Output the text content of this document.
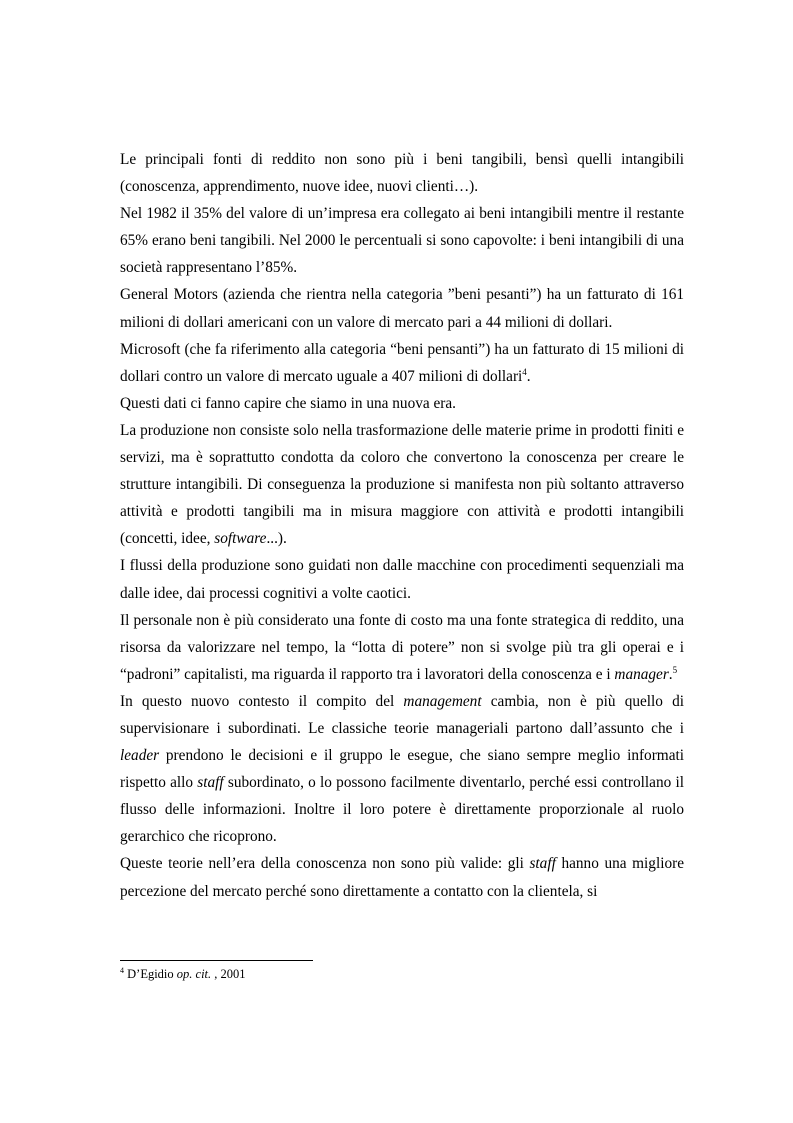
Le principali fonti di reddito non sono più i beni tangibili, bensì quelli intangibili (conoscenza, apprendimento, nuove idee, nuovi clienti…).

Nel 1982 il 35% del valore di un’impresa era collegato ai beni intangibili mentre il restante 65% erano beni tangibili. Nel 2000 le percentuali si sono capovolte: i beni intangibili di una società rappresentano l’85%.

General Motors (azienda che rientra nella categoria ”beni pesanti”) ha un fatturato di 161 milioni di dollari americani con un valore di mercato pari a 44 milioni di dollari.

Microsoft (che fa riferimento alla categoria “beni pensanti”) ha un fatturato di 15 milioni di dollari contro un valore di mercato uguale a 407 milioni di dollari$^4$.

Questi dati ci fanno capire che siamo in una nuova era.

La produzione non consiste solo nella trasformazione delle materie prime in prodotti finiti e servizi, ma è soprattutto condotta da coloro che convertono la conoscenza per creare le strutture intangibili. Di conseguenza la produzione si manifesta non più soltanto attraverso attività e prodotti tangibili ma in misura maggiore con attività e prodotti intangibili (concetti, idee, software...).

I flussi della produzione sono guidati non dalle macchine con procedimenti sequenziali ma dalle idee, dai processi cognitivi a volte caotici.

Il personale non è più considerato una fonte di costo ma una fonte strategica di reddito, una risorsa da valorizzare nel tempo, la “lotta di potere” non si svolge più tra gli operai e i “padroni” capitalisti, ma riguarda il rapporto tra i lavoratori della conoscenza e i manager.$^5$

In questo nuovo contesto il compito del management cambia, non è più quello di supervisionare i subordinati. Le classiche teorie manageriali partono dall’assunto che i leader prendono le decisioni e il gruppo le esegue, che siano sempre meglio informati rispetto allo staff subordinato, o lo possono facilmente diventarlo, perché essi controllano il flusso delle informazioni. Inoltre il loro potere è direttamente proporzionale al ruolo gerarchico che ricoprono.

Queste teorie nell’era della conoscenza non sono più valide: gli staff hanno una migliore percezione del mercato perché sono direttamente a contatto con la clientela, si

$^4$ D’Egidio op. cit. , 2001
